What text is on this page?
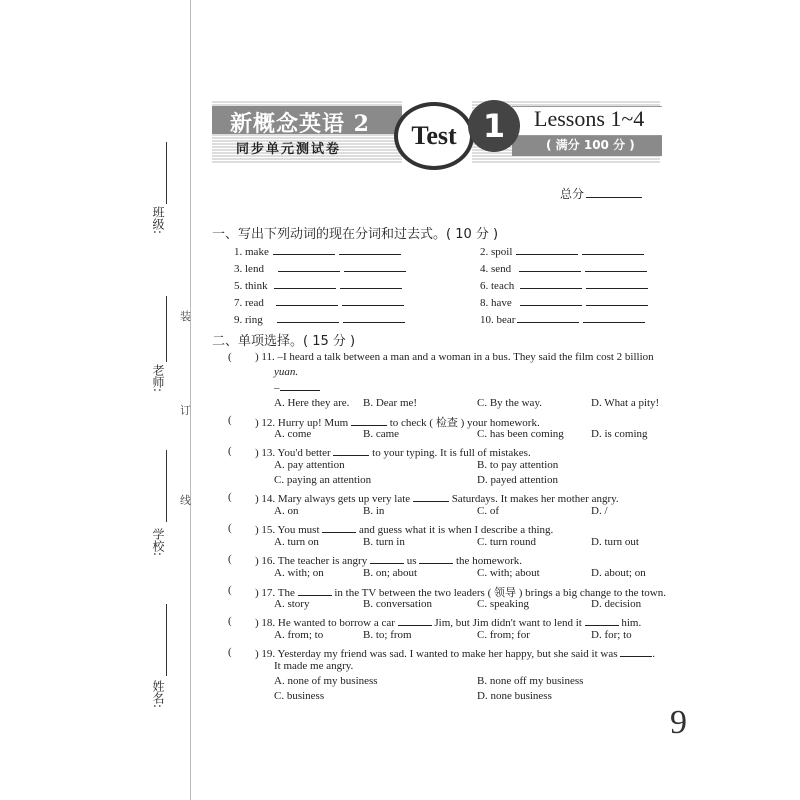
班级:
老师:
学校:
姓名:
装
订
线
新概念英语 2
同步单元测试卷	Test 1	Lessons 1~4
( 满分 100 分 )
总分
一、写出下列动词的现在分词和过去式。( 10 分 )
1. make	2. spoil
3. lend	4. send
5. think	6. teach
7. read	8. have
9. ring	10. bear
二、单项选择。( 15 分 )
( ) 11. –I heard a talk between a man and a woman in a bus. They said the film cost 2 billion
yuan.
–
A. Here they are. B. Dear me!	C. By the way.	D. What a pity!
( ) 12. Hurry up! Mum	to check ( 检查 ) your homework.
A. come	B. came	C. has been coming D. is coming
( ) 13. You'd better	to your typing. It is full of mistakes.
A. pay attention	B. to pay attention
C. paying an attention	D. payed attention
( ) 14. Mary always gets up very late	Saturdays. It makes her mother angry.
A. on	B. in	C. of	D. /
( ) 15. You must	and guess what it is when I describe a thing.
A. turn on	B. turn in	C. turn round	D. turn out
( ) 16. The teacher is angry	us	the homework.
A. with; on	B. on; about	C. with; about	D. about; on
( ) 17. The	in the TV between the two leaders ( 领导 ) brings a big change to the town.
A. story	B. conversation	C. speaking	D. decision
( ) 18. He wanted to borrow a car	Jim, but Jim didn't want to lend it	him.
A. from; to	B. to; from	C. from; for	D. for; to
( ) 19. Yesterday my friend was sad. I wanted to make her happy, but she said it was	.
It made me angry.
A. none of my business	B. none off my business
C. business	D. none business
9
